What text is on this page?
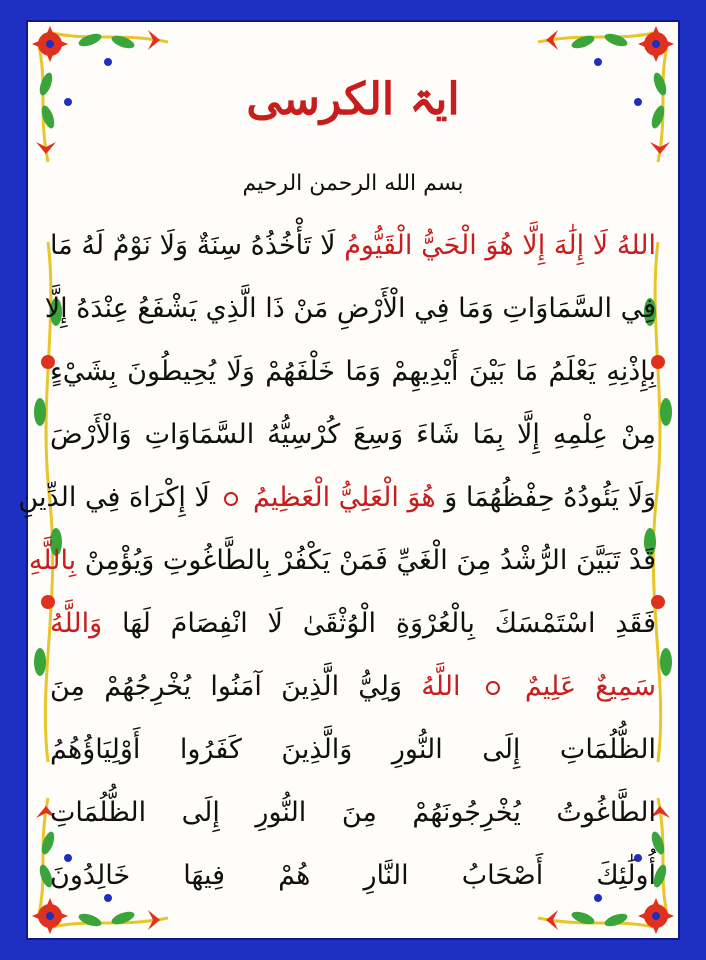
ایۃ الکرسی
بسم الله الرحمن الرحيم
اللهُ لَا إِلَٰهَ إِلَّا هُوَ الْحَيُّ الْقَيُّومُ لَا تَأْخُذُهُ سِنَةٌ وَلَا نَوْمٌ لَهُ مَا
فِي السَّمَاوَاتِ وَمَا فِي الْأَرْضِ مَنْ ذَا الَّذِي يَشْفَعُ عِنْدَهُ إِلَّا
بِإِذْنِهِ يَعْلَمُ مَا بَيْنَ أَيْدِيهِمْ وَمَا خَلْفَهُمْ وَلَا يُحِيطُونَ بِشَيْءٍ
مِنْ عِلْمِهِ إِلَّا بِمَا شَاءَ وَسِعَ كُرْسِيُّهُ السَّمَاوَاتِ وَالْأَرْضَ
وَلَا يَئُودُهُ حِفْظُهُمَا وَ هُوَ الْعَلِيُّ الْعَظِيمُ  لَا إِكْرَاهَ فِي الدِّينِ
قَدْ تَبَيَّنَ الرُّشْدُ مِنَ الْغَيِّ فَمَنْ يَكْفُرْ بِالطَّاغُوتِ وَيُؤْمِنْ بِاللَّهِ
فَقَدِ اسْتَمْسَكَ بِالْعُرْوَةِ الْوُثْقَىٰ لَا انْفِصَامَ لَهَا وَاللَّهُ
سَمِيعٌ عَلِيمٌ  اللَّهُ وَلِيُّ الَّذِينَ آمَنُوا يُخْرِجُهُمْ مِنَ
الظُّلُمَاتِ إِلَى النُّورِ وَالَّذِينَ كَفَرُوا أَوْلِيَاؤُهُمُ
الطَّاغُوتُ يُخْرِجُونَهُمْ مِنَ النُّورِ إِلَى الظُّلُمَاتِ
أُولَٰئِكَ أَصْحَابُ النَّارِ هُمْ فِيهَا خَالِدُونَ
